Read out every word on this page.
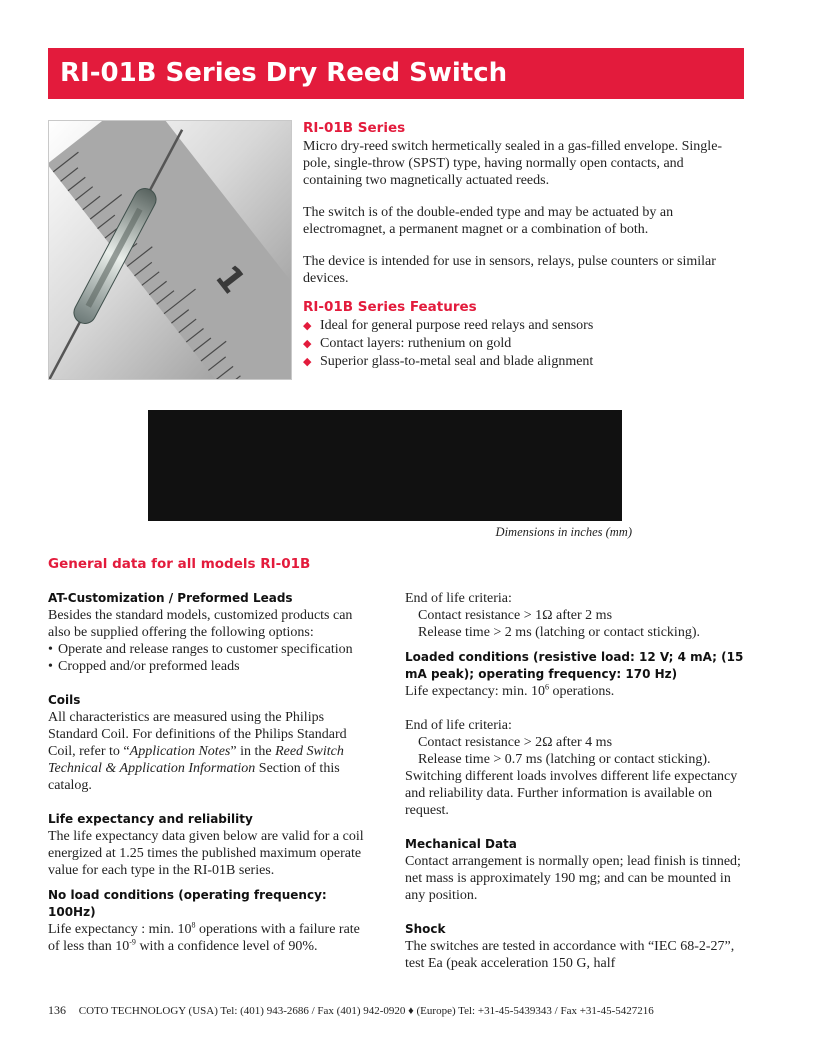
RI-01B Series Dry Reed Switch
1
RI-01B Series

Micro dry-reed switch hermetically sealed in a gas-filled envelope. Single-pole, single-throw (SPST) type, having normally open contacts, and containing two magnetically actuated reeds.

The switch is of the double-ended type and may be actuated by an electromagnet, a permanent magnet or a combination of both.

The device is intended for use in sensors, relays, pulse counters or similar devices.

RI-01B Series Features
◆ Ideal for general purpose reed relays and sensors
◆ Contact layers: ruthenium on gold
◆ Superior glass-to-metal seal and blade alignment
Dimensions in inches (mm)
General data for all models RI-01B

AT-Customization / Preformed Leads

Besides the standard models, customized products can also be supplied offering the following options:

• Operate and release ranges to customer specification
• Cropped and/or preformed leads

Coils

All characteristics are measured using the Philips Standard Coil. For definitions of the Philips Standard Coil, refer to “Application Notes” in the Reed Switch Technical & Application Information Section of this catalog.

Life expectancy and reliability

The life expectancy data given below are valid for a coil energized at 1.25 times the published maximum operate value for each type in the RI-01B series.

No load conditions (operating frequency: 100Hz)

Life expectancy : min. $10^8$ operations with a failure rate of less than $10^{-9}$ with a confidence level of 90%.

End of life criteria:

Contact resistance > 1Ω after 2 ms

Release time > 2 ms (latching or contact sticking).

Loaded conditions (resistive load: 12 V; 4 mA; (15 mA peak); operating frequency: 170 Hz)

Life expectancy: min. $10^6$ operations.

End of life criteria:

Contact resistance > 2Ω after 4 ms

Release time > 0.7 ms (latching or contact sticking).

Switching different loads involves different life expectancy and reliability data. Further information is available on request.

Mechanical Data

Contact arrangement is normally open; lead finish is tinned; net mass is approximately 190 mg; and can be mounted in any position.

Shock

The switches are tested in accordance with “IEC 68-2-27”, test Ea (peak acceleration 150 G, half

136 COTO TECHNOLOGY (USA) Tel: (401) 943-2686 / Fax (401) 942-0920 ♦ (Europe) Tel: +31-45-5439343 / Fax +31-45-5427216
